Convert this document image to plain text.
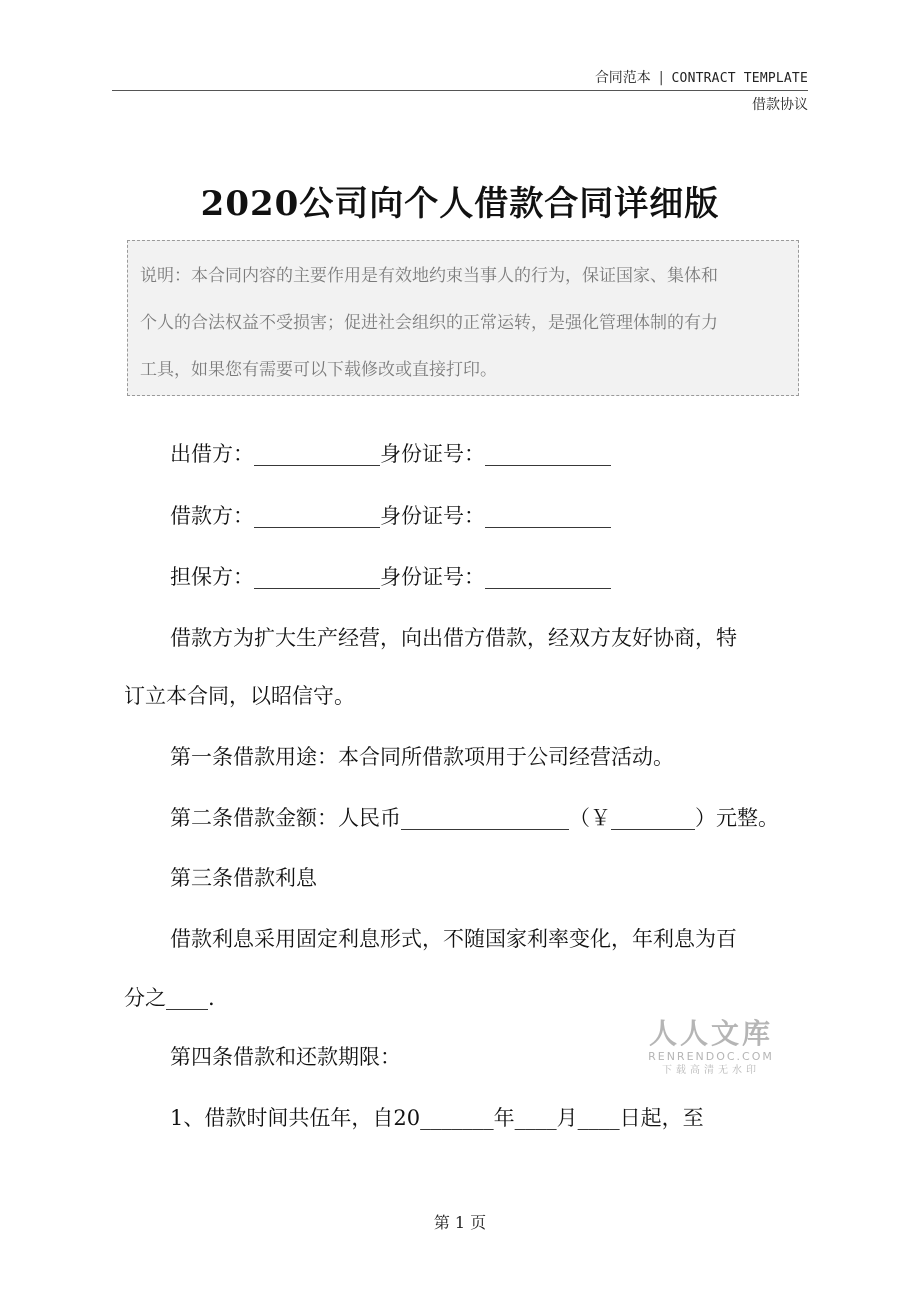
合同范本 | CONTRACT TEMPLATE
借款协议
2020公司向个人借款合同详细版
说明：本合同内容的主要作用是有效地约束当事人的行为，保证国家、集体和
个人的合法权益不受损害；促进社会组织的正常运转，是强化管理体制的有力
工具，如果您有需要可以下载修改或直接打印。
出借方：____________身份证号：____________
借款方：____________身份证号：____________
担保方：____________身份证号：____________
借款方为扩大生产经营，向出借方借款，经双方友好协商，特
订立本合同，以昭信守。
第一条借款用途：本合同所借款项用于公司经营活动。
第二条借款金额：人民币________________（￥________）元整。
第三条借款利息
借款利息采用固定利息形式，不随国家利率变化，年利息为百
分之____.
第四条借款和还款期限：
1、借款时间共伍年，自20_______年____月____日起，至
人人文库
RENRENDOC.COM
下载高清无水印
第 1 页
